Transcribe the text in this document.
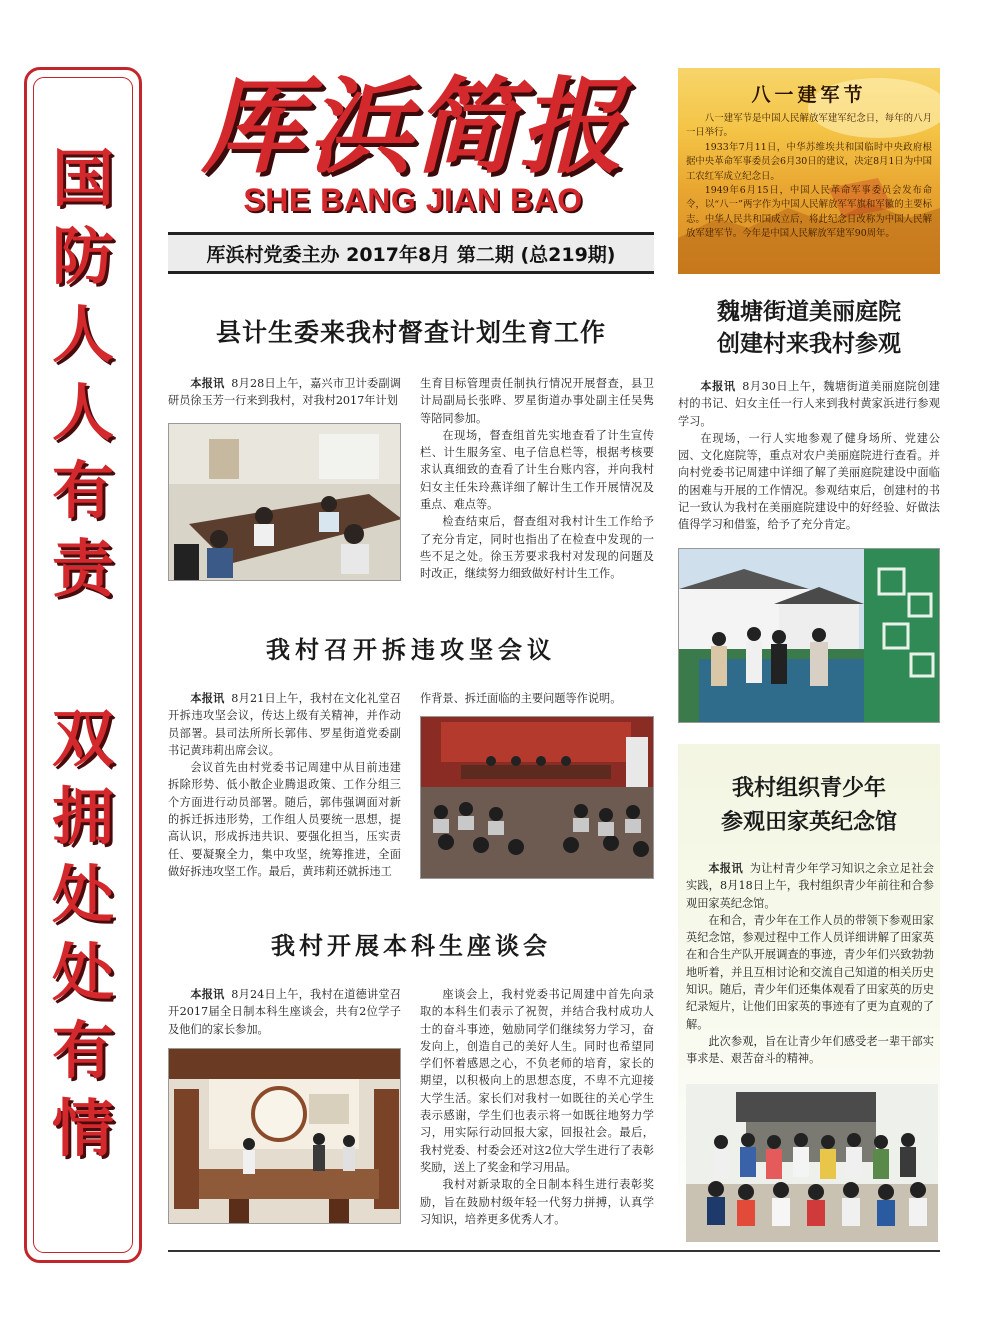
国
防
人
人
有
责
双
拥
处
处
有
情
厍浜简报
SHE BANG JIAN BAO
厍浜村党委主办 2017年8月 第二期 (总219期)
八一建军节

八一建军节是中国人民解放军建军纪念日，每年的八月一日举行。

1933年7月11日，中华苏维埃共和国临时中央政府根据中央革命军事委员会6月30日的建议，决定8月1日为中国工农红军成立纪念日。

1949年6月15日，中国人民革命军事委员会发布命令，以“八一”两字作为中国人民解放军军旗和军徽的主要标志。中华人民共和国成立后，将此纪念日改称为中国人民解放军建军节。今年是中国人民解放军建军90周年。

县计生委来我村督查计划生育工作

本报讯 8月28日上午，嘉兴市卫计委副调研员徐玉芳一行来到我村，对我村2017年计划

生育目标管理责任制执行情况开展督查，县卫计局副局长张晔、罗星街道办事处副主任吴隽等陪同参加。

在现场，督查组首先实地查看了计生宣传栏、计生服务室、电子信息栏等，根据考核要求认真细致的查看了计生台账内容，并向我村妇女主任朱玲燕详细了解计生工作开展情况及重点、难点等。

检查结束后，督查组对我村计生工作给予了充分肯定，同时也指出了在检查中发现的一些不足之处。徐玉芳要求我村对发现的问题及时改正，继续努力细致做好村计生工作。

我村召开拆违攻坚会议

本报讯 8月21日上午，我村在文化礼堂召开拆违攻坚会议，传达上级有关精神，并作动员部署。县司法所所长郭伟、罗星街道党委副书记黄玮莉出席会议。

会议首先由村党委书记周建中从目前违建拆除形势、低小散企业腾退政策、工作分组三个方面进行动员部署。随后，郭伟强调面对新的拆迁拆违形势，工作组人员要统一思想，提高认识，形成拆违共识、要强化担当，压实责任、要凝聚全力，集中攻坚，统筹推进，全面做好拆违攻坚工作。最后，黄玮莉还就拆违工

作背景、拆迁面临的主要问题等作说明。

我村开展本科生座谈会

本报讯 8月24日上午，我村在道德讲堂召开2017届全日制本科生座谈会，共有2位学子及他们的家长参加。

座谈会上，我村党委书记周建中首先向录取的本科生们表示了祝贺，并结合我村成功人士的奋斗事迹，勉励同学们继续努力学习，奋发向上，创造自己的美好人生。同时也希望同学们怀着感恩之心，不负老师的培育，家长的期望，以积极向上的思想态度，不卑不亢迎接大学生活。家长们对我村一如既往的关心学生表示感谢，学生们也表示将一如既往地努力学习，用实际行动回报大家，回报社会。最后，我村党委、村委会还对这2位大学生进行了表彰奖励，送上了奖金和学习用品。

我村对新录取的全日制本科生进行表彰奖励，旨在鼓励村级年轻一代努力拼搏，认真学习知识，培养更多优秀人才。

魏塘街道美丽庭院
创建村来我村参观

本报讯 8月30日上午，魏塘街道美丽庭院创建村的书记、妇女主任一行人来到我村黄家浜进行参观学习。

在现场，一行人实地参观了健身场所、党建公园、文化庭院等，重点对农户美丽庭院进行查看。并向村党委书记周建中详细了解了美丽庭院建设中面临的困难与开展的工作情况。参观结束后，创建村的书记一致认为我村在美丽庭院建设中的好经验、好做法值得学习和借鉴，给予了充分肯定。

我村组织青少年
参观田家英纪念馆

本报讯 为让村青少年学习知识之余立足社会实践，8月18日上午，我村组织青少年前往和合参观田家英纪念馆。

在和合，青少年在工作人员的带领下参观田家英纪念馆，参观过程中工作人员详细讲解了田家英在和合生产队开展调查的事迹，青少年们兴致勃勃地听着，并且互相讨论和交流自己知道的相关历史知识。随后，青少年们还集体观看了田家英的历史纪录短片，让他们田家英的事迹有了更为直观的了解。

此次参观，旨在让青少年们感受老一辈干部实事求是、艰苦奋斗的精神。
